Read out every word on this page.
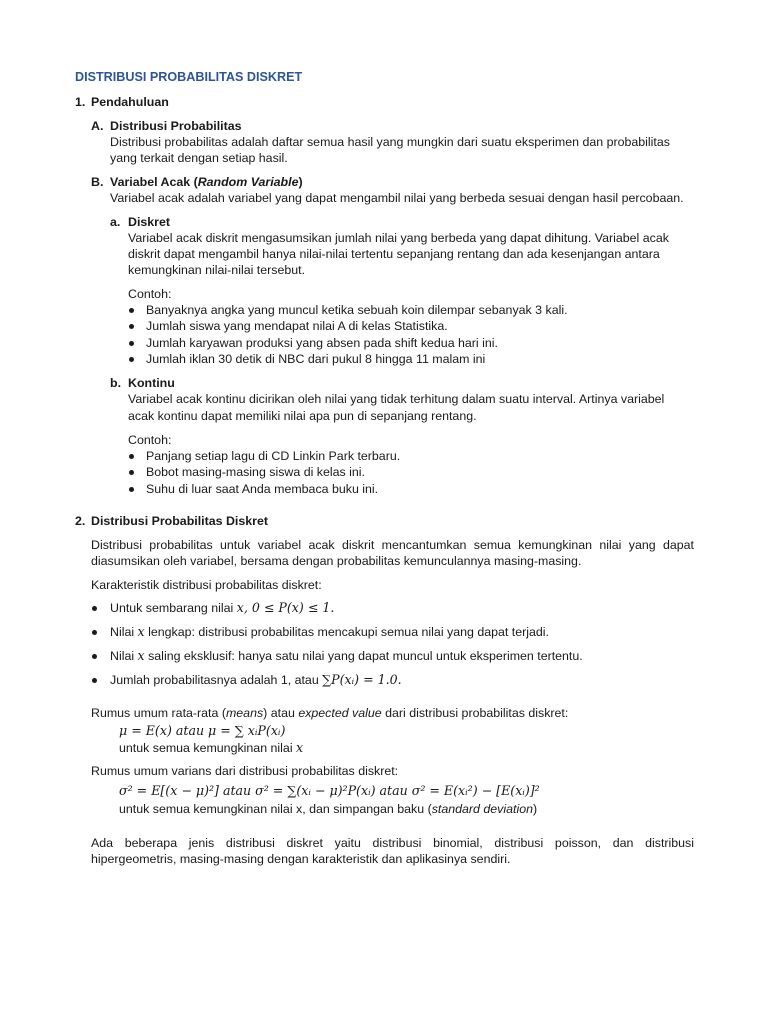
DISTRIBUSI PROBABILITAS DISKRET
1. Pendahuluan
A. Distribusi Probabilitas
Distribusi probabilitas adalah daftar semua hasil yang mungkin dari suatu eksperimen dan probabilitas
yang terkait dengan setiap hasil.
B. Variabel Acak (Random Variable)
Variabel acak adalah variabel yang dapat mengambil nilai yang berbeda sesuai dengan hasil percobaan.
a. Diskret
Variabel acak diskrit mengasumsikan jumlah nilai yang berbeda yang dapat dihitung. Variabel acak
diskrit dapat mengambil hanya nilai-nilai tertentu sepanjang rentang dan ada kesenjangan antara
kemungkinan nilai-nilai tersebut.
Contoh:
Banyaknya angka yang muncul ketika sebuah koin dilempar sebanyak 3 kali.
Jumlah siswa yang mendapat nilai A di kelas Statistika.
Jumlah karyawan produksi yang absen pada shift kedua hari ini.
Jumlah iklan 30 detik di NBC dari pukul 8 hingga 11 malam ini
b. Kontinu
Variabel acak kontinu dicirikan oleh nilai yang tidak terhitung dalam suatu interval. Artinya variabel
acak kontinu dapat memiliki nilai apa pun di sepanjang rentang.
Contoh:
Panjang setiap lagu di CD Linkin Park terbaru.
Bobot masing-masing siswa di kelas ini.
Suhu di luar saat Anda membaca buku ini.
2. Distribusi Probabilitas Diskret
Distribusi probabilitas untuk variabel acak diskrit mencantumkan semua kemungkinan nilai yang dapat
diasumsikan oleh variabel, bersama dengan probabilitas kemunculannya masing-masing.
Karakteristik distribusi probabilitas diskret:
Untuk sembarang nilai x, 0 ≤ P(x) ≤ 1.
Nilai x lengkap: distribusi probabilitas mencakupi semua nilai yang dapat terjadi.
Nilai x saling eksklusif: hanya satu nilai yang dapat muncul untuk eksperimen tertentu.
Jumlah probabilitasnya adalah 1, atau ∑P(xᵢ) = 1.0.
Rumus umum rata-rata (means) atau expected value dari distribusi probabilitas diskret:
μ = E(x) atau μ = ∑ xᵢP(xᵢ)
untuk semua kemungkinan nilai x
Rumus umum varians dari distribusi probabilitas diskret:
σ² = E[(x − μ)²] atau σ² = ∑(xᵢ − μ)²P(xᵢ) atau σ² = E(xᵢ²) − [E(xᵢ)]²
untuk semua kemungkinan nilai x, dan simpangan baku (standard deviation)
Ada beberapa jenis distribusi diskret yaitu distribusi binomial, distribusi poisson, dan distribusi
hipergeometris, masing-masing dengan karakteristik dan aplikasinya sendiri.
